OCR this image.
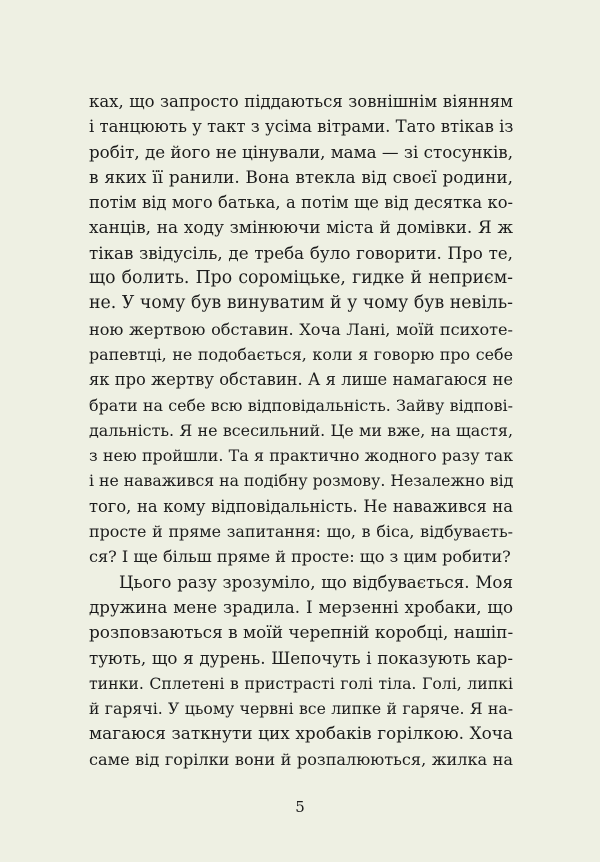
ках, що запросто піддаються зовнішнім віянням
і танцюють у такт з усіма вітрами. Тато втікав із
робіт, де його не цінували, мама — зі стосунків,
в яких її ранили. Вона втекла від своєї родини,
потім від мого батька, а потім ще від десятка ко-
ханців, на ходу змінюючи міста й домівки. Я ж
тікав звідусіль, де треба було говорити. Про те,
що болить. Про сороміцьке, гидке й неприєм-
не. У чому був винуватим й у чому був невіль-
ною жертвою обставин. Хоча Лані, моїй психоте-
рапевтці, не подобається, коли я говорю про себе
як про жертву обставин. А я лише намагаюся не
брати на себе всю відповідальність. Зайву відпові-
дальність. Я не всесильний. Це ми вже, на щастя,
з нею пройшли. Та я практично жодного разу так
і не наважився на подібну розмову. Незалежно від
того, на кому відповідальність. Не наважився на
просте й пряме запитання: що, в біса, відбуваєть-
ся? І ще більш пряме й просте: що з цим робити?
Цього разу зрозуміло, що відбувається. Моя
дружина мене зрадила. І мерзенні хробаки, що
розповзаються в моїй черепній коробці, нашіп-
тують, що я дурень. Шепочуть і показують кар-
тинки. Сплетені в пристрасті голі тіла. Голі, липкі
й гарячі. У цьому червні все липке й гаряче. Я на-
магаюся заткнути цих хробаків горілкою. Хоча
саме від горілки вони й розпалюються, жилка на
5
